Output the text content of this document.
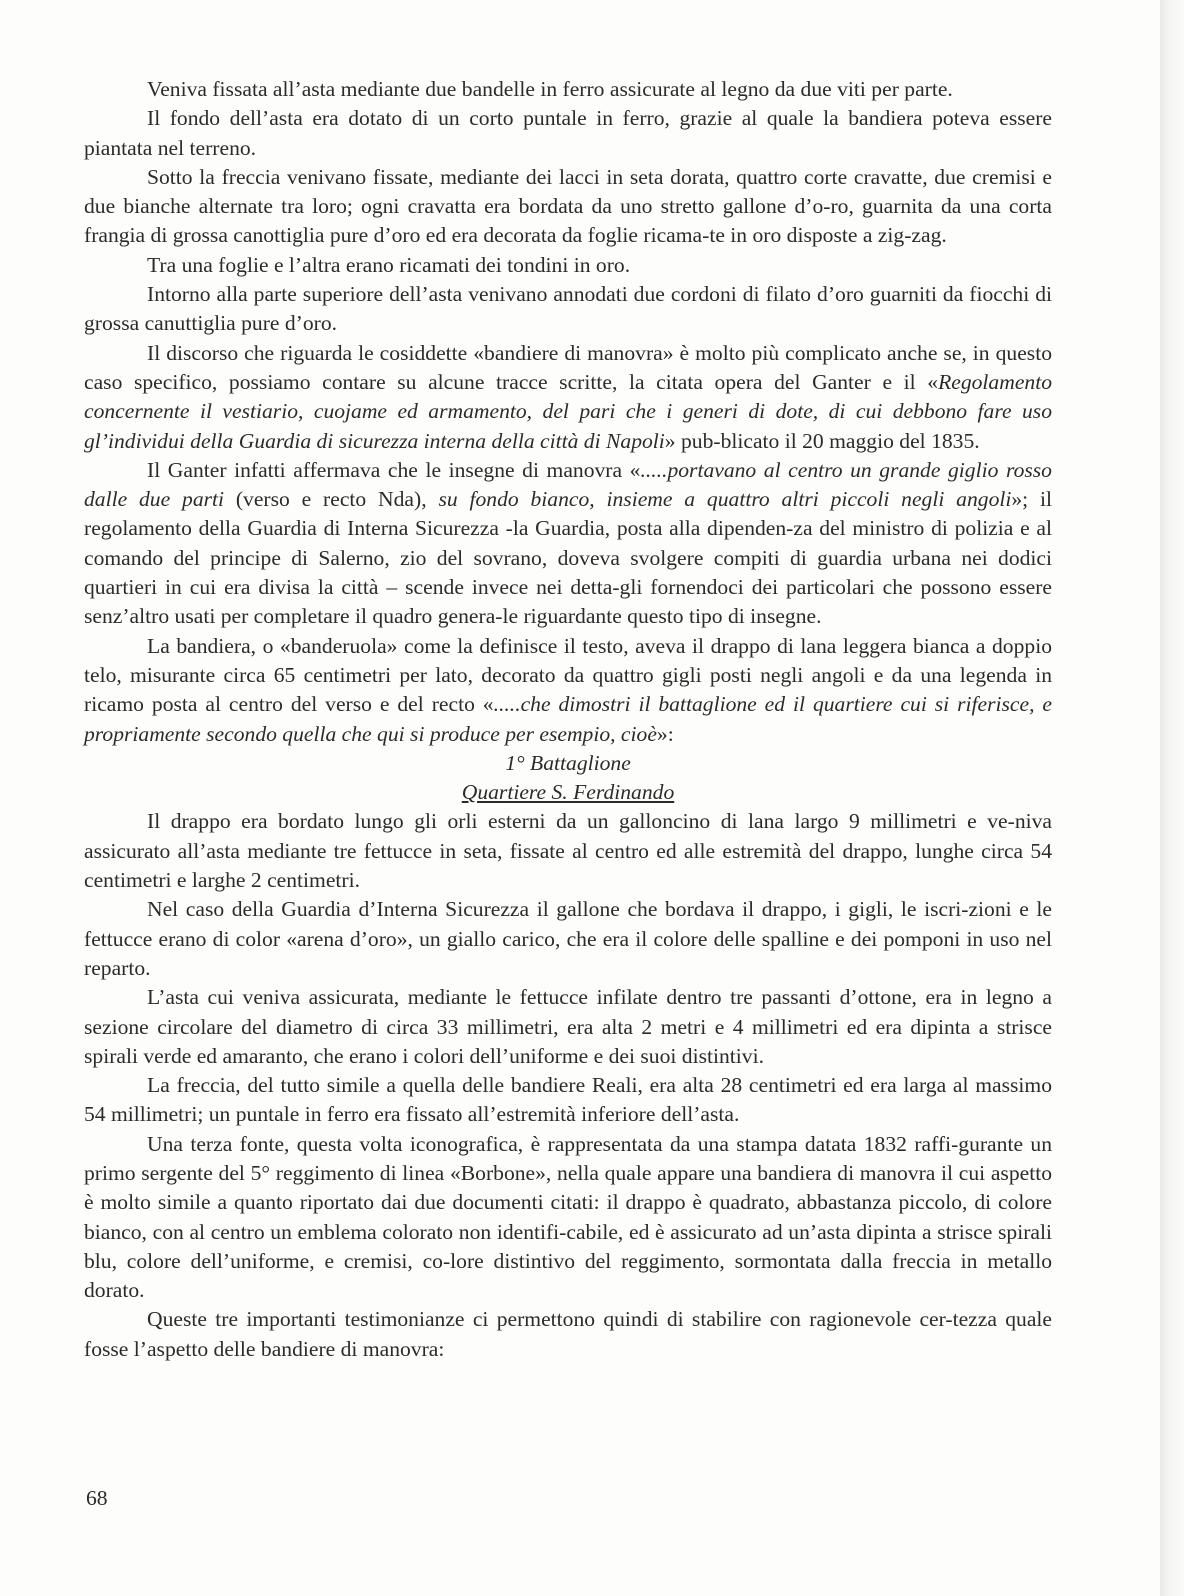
Veniva fissata all’asta mediante due bandelle in ferro assicurate al legno da due viti per parte.

Il fondo dell’asta era dotato di un corto puntale in ferro, grazie al quale la bandiera poteva essere piantata nel terreno.

Sotto la freccia venivano fissate, mediante dei lacci in seta dorata, quattro corte cravatte, due cremisi e due bianche alternate tra loro; ogni cravatta era bordata da uno stretto gallone d’o-ro, guarnita da una corta frangia di grossa canottiglia pure d’oro ed era decorata da foglie ricama-te in oro disposte a zig-zag.

Tra una foglie e l’altra erano ricamati dei tondini in oro.

Intorno alla parte superiore dell’asta venivano annodati due cordoni di filato d’oro guarniti da fiocchi di grossa canuttiglia pure d’oro.

Il discorso che riguarda le cosiddette «bandiere di manovra» è molto più complicato anche se, in questo caso specifico, possiamo contare su alcune tracce scritte, la citata opera del Ganter e il «Regolamento concernente il vestiario, cuojame ed armamento, del pari che i generi di dote, di cui debbono fare uso gl’individui della Guardia di sicurezza interna della città di Napoli» pub-blicato il 20 maggio del 1835.

Il Ganter infatti affermava che le insegne di manovra «.....portavano al centro un grande giglio rosso dalle due parti (verso e recto Nda), su fondo bianco, insieme a quattro altri piccoli negli angoli»; il regolamento della Guardia di Interna Sicurezza -la Guardia, posta alla dipenden-za del ministro di polizia e al comando del principe di Salerno, zio del sovrano, doveva svolgere compiti di guardia urbana nei dodici quartieri in cui era divisa la città – scende invece nei detta-gli fornendoci dei particolari che possono essere senz’altro usati per completare il quadro genera-le riguardante questo tipo di insegne.

La bandiera, o «banderuola» come la definisce il testo, aveva il drappo di lana leggera bianca a doppio telo, misurante circa 65 centimetri per lato, decorato da quattro gigli posti negli angoli e da una legenda in ricamo posta al centro del verso e del recto «.....che dimostri il battaglione ed il quartiere cui si riferisce, e propriamente secondo quella che qui si produce per esempio, cioè»:

1° Battaglione

Quartiere S. Ferdinando

Il drappo era bordato lungo gli orli esterni da un galloncino di lana largo 9 millimetri e ve-niva assicurato all’asta mediante tre fettucce in seta, fissate al centro ed alle estremità del drappo, lunghe circa 54 centimetri e larghe 2 centimetri.

Nel caso della Guardia d’Interna Sicurezza il gallone che bordava il drappo, i gigli, le iscri-zioni e le fettucce erano di color «arena d’oro», un giallo carico, che era il colore delle spalline e dei pomponi in uso nel reparto.

L’asta cui veniva assicurata, mediante le fettucce infilate dentro tre passanti d’ottone, era in legno a sezione circolare del diametro di circa 33 millimetri, era alta 2 metri e 4 millimetri ed era dipinta a strisce spirali verde ed amaranto, che erano i colori dell’uniforme e dei suoi distintivi.

La freccia, del tutto simile a quella delle bandiere Reali, era alta 28 centimetri ed era larga al massimo 54 millimetri; un puntale in ferro era fissato all’estremità inferiore dell’asta.

Una terza fonte, questa volta iconografica, è rappresentata da una stampa datata 1832 raffi-gurante un primo sergente del 5° reggimento di linea «Borbone», nella quale appare una bandiera di manovra il cui aspetto è molto simile a quanto riportato dai due documenti citati: il drappo è quadrato, abbastanza piccolo, di colore bianco, con al centro un emblema colorato non identifi-cabile, ed è assicurato ad un’asta dipinta a strisce spirali blu, colore dell’uniforme, e cremisi, co-lore distintivo del reggimento, sormontata dalla freccia in metallo dorato.

Queste tre importanti testimonianze ci permettono quindi di stabilire con ragionevole cer-tezza quale fosse l’aspetto delle bandiere di manovra:

68
